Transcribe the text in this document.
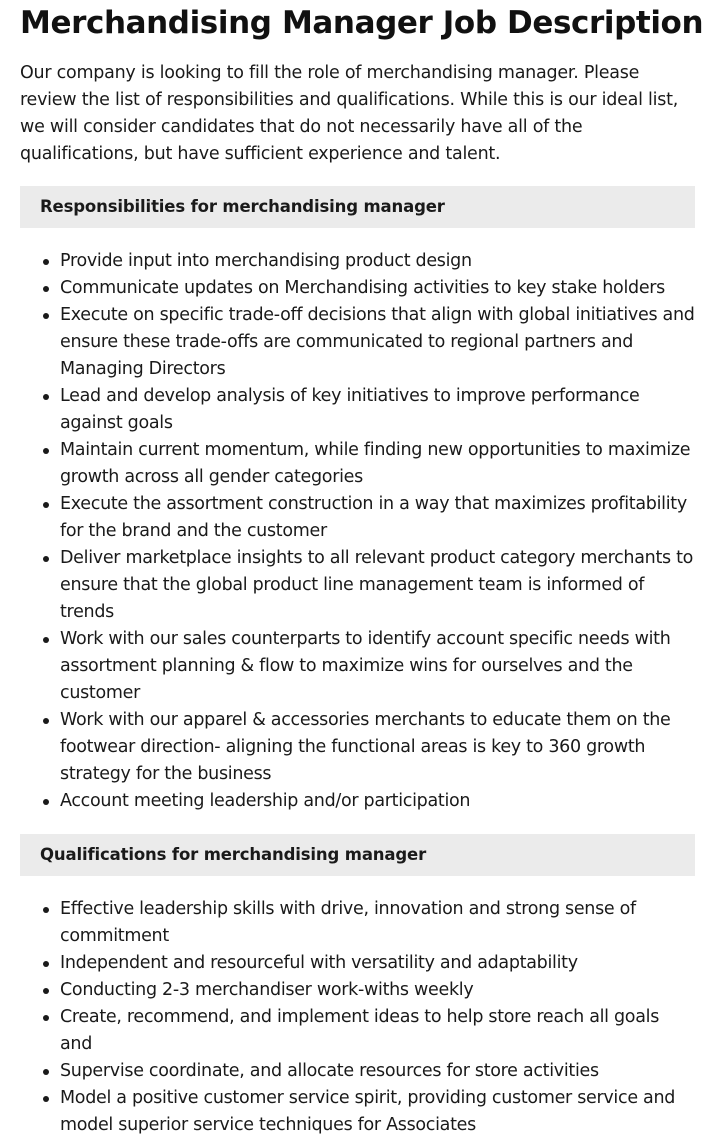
Merchandising Manager Job Description

Our company is looking to fill the role of merchandising manager. Please review the list of responsibilities and qualifications. While this is our ideal list, we will consider candidates that do not necessarily have all of the qualifications, but have sufficient experience and talent.

Responsibilities for merchandising manager
Provide input into merchandising product design
Communicate updates on Merchandising activities to key stake holders
Execute on specific trade-off decisions that align with global initiatives and ensure these trade-offs are communicated to regional partners and Managing Directors
Lead and develop analysis of key initiatives to improve performance against goals
Maintain current momentum, while finding new opportunities to maximize growth across all gender categories
Execute the assortment construction in a way that maximizes profitability for the brand and the customer
Deliver marketplace insights to all relevant product category merchants to ensure that the global product line management team is informed of trends
Work with our sales counterparts to identify account specific needs with assortment planning & flow to maximize wins for ourselves and the customer
Work with our apparel & accessories merchants to educate them on the footwear direction- aligning the functional areas is key to 360 growth strategy for the business
Account meeting leadership and/or participation
Qualifications for merchandising manager
Effective leadership skills with drive, innovation and strong sense of commitment
Independent and resourceful with versatility and adaptability
Conducting 2-3 merchandiser work-withs weekly
Create, recommend, and implement ideas to help store reach all goals and
Supervise coordinate, and allocate resources for store activities
Model a positive customer service spirit, providing customer service and model superior service techniques for Associates
